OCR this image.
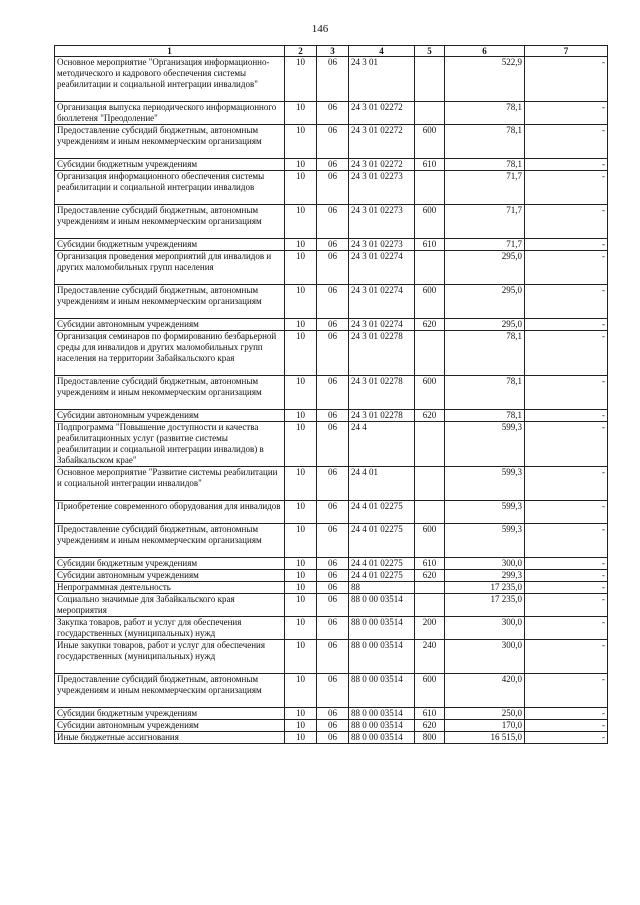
146
1	2	3	4	5	6	7
Основное мероприятие "Организация информационно-методического и кадрового обеспечения системы реабилитации и социальной интеграции инвалидов"	10	06	24 3 01		522,9	-
Организация выпуска периодического информационного бюллетеня "Преодоление"	10	06	24 3 01 02272		78,1	-
Предоставление субсидий бюджетным, автономным учреждениям и иным некоммерческим организациям	10	06	24 3 01 02272	600	78,1	-
Субсидии бюджетным учреждениям	10	06	24 3 01 02272	610	78,1	-
Организация информационного обеспечения системы реабилитации и социальной интеграции инвалидов	10	06	24 3 01 02273		71,7	-
Предоставление субсидий бюджетным, автономным учреждениям и иным некоммерческим организациям	10	06	24 3 01 02273	600	71,7	-
Субсидии бюджетным учреждениям	10	06	24 3 01 02273	610	71,7	-
Организация проведения мероприятий для инвалидов и других маломобильных групп населения	10	06	24 3 01 02274		295,0	-
Предоставление субсидий бюджетным, автономным учреждениям и иным некоммерческим организациям	10	06	24 3 01 02274	600	295,0	-
Субсидии автономным учреждениям	10	06	24 3 01 02274	620	295,0	-
Организация семинаров по формированию безбарьерной среды для инвалидов и других маломобильных групп населения на территории Забайкальского края	10	06	24 3 01 02278		78,1	-
Предоставление субсидий бюджетным, автономным учреждениям и иным некоммерческим организациям	10	06	24 3 01 02278	600	78,1	-
Субсидии автономным учреждениям	10	06	24 3 01 02278	620	78,1	-
Подпрограмма "Повышение доступности и качества реабилитационных услуг (развитие системы реабилитации и социальной интеграции инвалидов) в Забайкальском крае"	10	06	24 4		599,3	-
Основное мероприятие "Развитие системы реабилитации и социальной интеграции инвалидов"	10	06	24 4 01		599,3	-
Приобретение современного оборудования для инвалидов	10	06	24 4 01 02275		599,3	-
Предоставление субсидий бюджетным, автономным учреждениям и иным некоммерческим организациям	10	06	24 4 01 02275	600	599,3	-
Субсидии бюджетным учреждениям	10	06	24 4 01 02275	610	300,0	-
Субсидии автономным учреждениям	10	06	24 4 01 02275	620	299,3	-
Непрограммная деятельность	10	06	88		17 235,0	-
Социально значимые для Забайкальского края мероприятия	10	06	88 0 00 03514		17 235,0	-
Закупка товаров, работ и услуг для обеспечения государственных (муниципальных) нужд	10	06	88 0 00 03514	200	300,0	-
Иные закупки товаров, работ и услуг для обеспечения государственных (муниципальных) нужд	10	06	88 0 00 03514	240	300,0	-
Предоставление субсидий бюджетным, автономным учреждениям и иным некоммерческим организациям	10	06	88 0 00 03514	600	420,0	-
Субсидии бюджетным учреждениям	10	06	88 0 00 03514	610	250,0	-
Субсидии автономным учреждениям	10	06	88 0 00 03514	620	170,0	-
Иные бюджетные ассигнования	10	06	88 0 00 03514	800	16 515,0	-
